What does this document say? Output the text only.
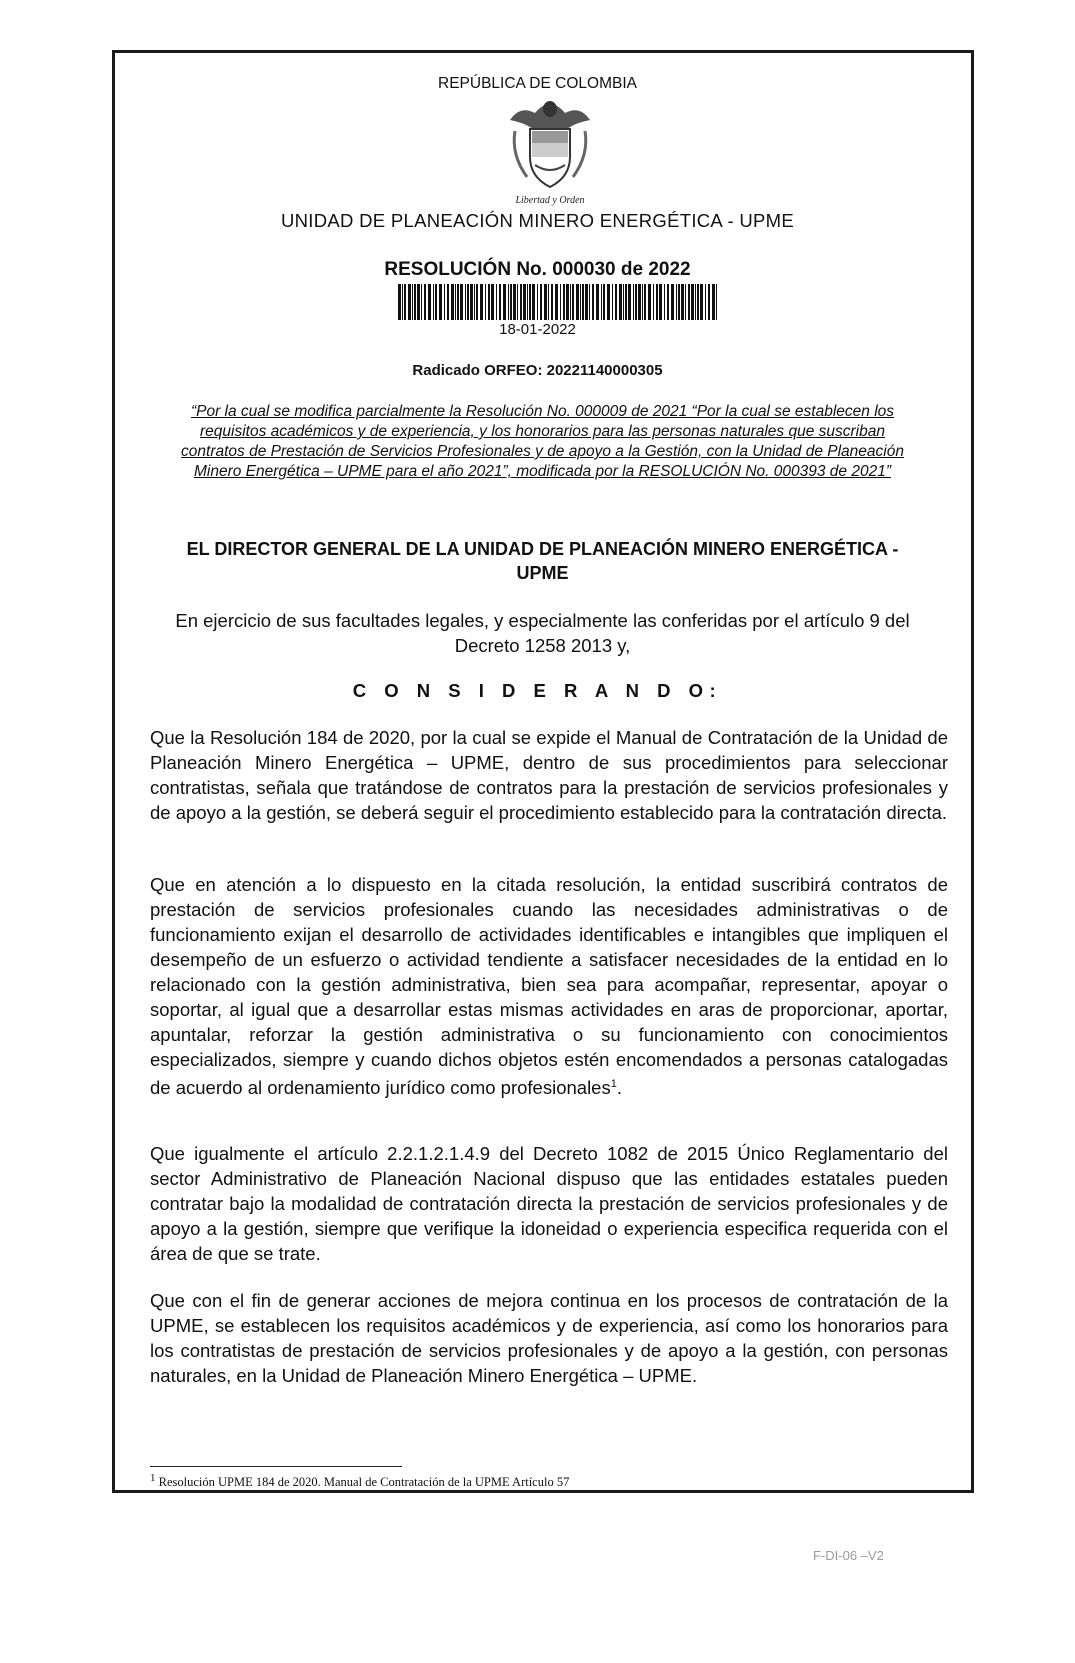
REPÚBLICA DE COLOMBIA
Libertad y Orden
UNIDAD DE PLANEACIÓN MINERO ENERGÉTICA - UPME
RESOLUCIÓN No. 000030 de 2022
18-01-2022
Radicado ORFEO: 20221140000305
“Por la cual se modifica parcialmente la Resolución No. 000009 de 2021 “Por la cual se establecen los requisitos académicos y de experiencia, y los honorarios para las personas naturales que suscriban contratos de Prestación de Servicios Profesionales y de apoyo a la Gestión, con la Unidad de Planeación Minero Energética – UPME para el año 2021”, modificada por la RESOLUCIÓN No. 000393 de 2021”
EL DIRECTOR GENERAL DE LA UNIDAD DE PLANEACIÓN MINERO ENERGÉTICA - UPME
En ejercicio de sus facultades legales, y especialmente las conferidas por el artículo 9 del Decreto 1258 2013 y,
C O N S I D E R A N D O:
Que la Resolución 184 de 2020, por la cual se expide el Manual de Contratación de la Unidad de Planeación Minero Energética – UPME, dentro de sus procedimientos para seleccionar contratistas, señala que tratándose de contratos para la prestación de servicios profesionales y de apoyo a la gestión, se deberá seguir el procedimiento establecido para la contratación directa.
Que en atención a lo dispuesto en la citada resolución, la entidad suscribirá contratos de prestación de servicios profesionales cuando las necesidades administrativas o de funcionamiento exijan el desarrollo de actividades identificables e intangibles que impliquen el desempeño de un esfuerzo o actividad tendiente a satisfacer necesidades de la entidad en lo relacionado con la gestión administrativa, bien sea para acompañar, representar, apoyar o soportar, al igual que a desarrollar estas mismas actividades en aras de proporcionar, aportar, apuntalar, reforzar la gestión administrativa o su funcionamiento con conocimientos especializados, siempre y cuando dichos objetos estén encomendados a personas catalogadas de acuerdo al ordenamiento jurídico como profesionales$^1$.
Que igualmente el artículo 2.2.1.2.1.4.9 del Decreto 1082 de 2015 Único Reglamentario del sector Administrativo de Planeación Nacional dispuso que las entidades estatales pueden contratar bajo la modalidad de contratación directa la prestación de servicios profesionales y de apoyo a la gestión, siempre que verifique la idoneidad o experiencia especifica requerida con el área de que se trate.
Que con el fin de generar acciones de mejora continua en los procesos de contratación de la UPME, se establecen los requisitos académicos y de experiencia, así como los honorarios para los contratistas de prestación de servicios profesionales y de apoyo a la gestión, con personas naturales, en la Unidad de Planeación Minero Energética – UPME.
$^1$ Resolución UPME 184 de 2020. Manual de Contratación de la UPME Artículo 57
F-DI-06 –V2
